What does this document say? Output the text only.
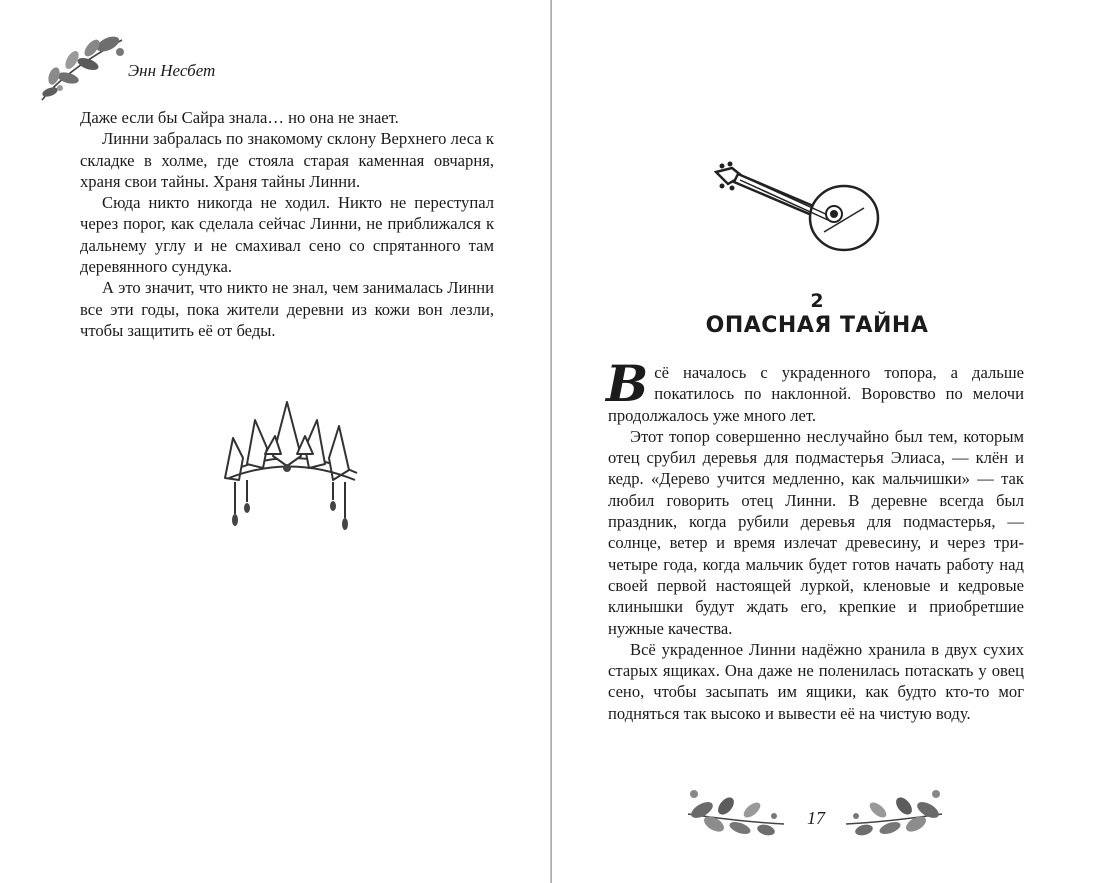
Энн Несбет

Даже если бы Сайра знала… но она не знает.

Линни забралась по знакомому склону Верхнего леса к складке в холме, где стояла старая каменная овчарня, храня свои тайны. Храня тайны Линни.

Сюда никто никогда не ходил. Никто не переступал через порог, как сделала сейчас Линни, не приближался к дальнему углу и не смахивал сено со спрятанного там деревянного сундука.

А это значит, что никто не знал, чем занималась Линни все эти годы, пока жители деревни из кожи вон лезли, чтобы защитить её от беды.

2
ОПАСНАЯ ТАЙНА

Всё началось с украденного топора, а дальше покатилось по наклонной. Воровство по мелочи продолжалось уже много лет.

Этот топор совершенно неслучайно был тем, которым отец срубил деревья для подмастерья Элиаса, — клён и кедр. «Дерево учится медленно, как мальчишки» — так любил говорить отец Линни. В деревне всегда был праздник, когда рубили деревья для подмастерья, — солнце, ветер и время излечат древесину, и через три-четыре года, когда мальчик будет готов начать работу над своей первой настоящей луркой, кленовые и кедровые клинышки будут ждать его, крепкие и приобретшие нужные качества.

Всё украденное Линни надёжно хранила в двух сухих старых ящиках. Она даже не поленилась потаскать у овец сено, чтобы засыпать им ящики, как будто кто-то мог подняться так высоко и вывести её на чистую воду.

17
